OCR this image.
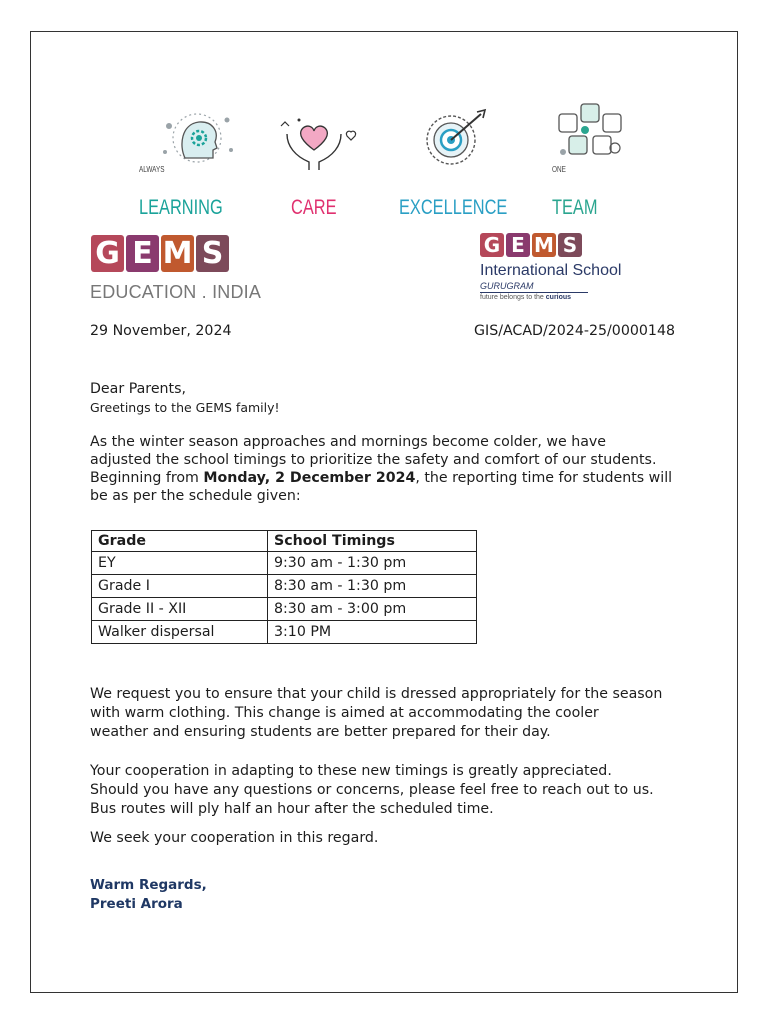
ALWAYS
LEARNING	CARE	EXCELLENCE
ONE
TEAM
G E M S
EDUCATION . INDIA
G E M S
International School
GURUGRAM
future belongs to the curious
29 November, 2024	GIS/ACAD/2024-25/0000148
Dear Parents,
Greetings to the GEMS family!
As the winter season approaches and mornings become colder, we have
adjusted the school timings to prioritize the safety and comfort of our students.
Beginning from Monday, 2 December 2024, the reporting time for students will
be as per the schedule given:
Grade	School Timings
EY	9:30 am - 1:30 pm
Grade I	8:30 am - 1:30 pm
Grade II - XII	8:30 am - 3:00 pm
Walker dispersal	3:10 PM
We request you to ensure that your child is dressed appropriately for the season
with warm clothing. This change is aimed at accommodating the cooler
weather and ensuring students are better prepared for their day.
Your cooperation in adapting to these new timings is greatly appreciated.
Should you have any questions or concerns, please feel free to reach out to us.
Bus routes will ply half an hour after the scheduled time.
We seek your cooperation in this regard.
Warm Regards,
Preeti Arora
